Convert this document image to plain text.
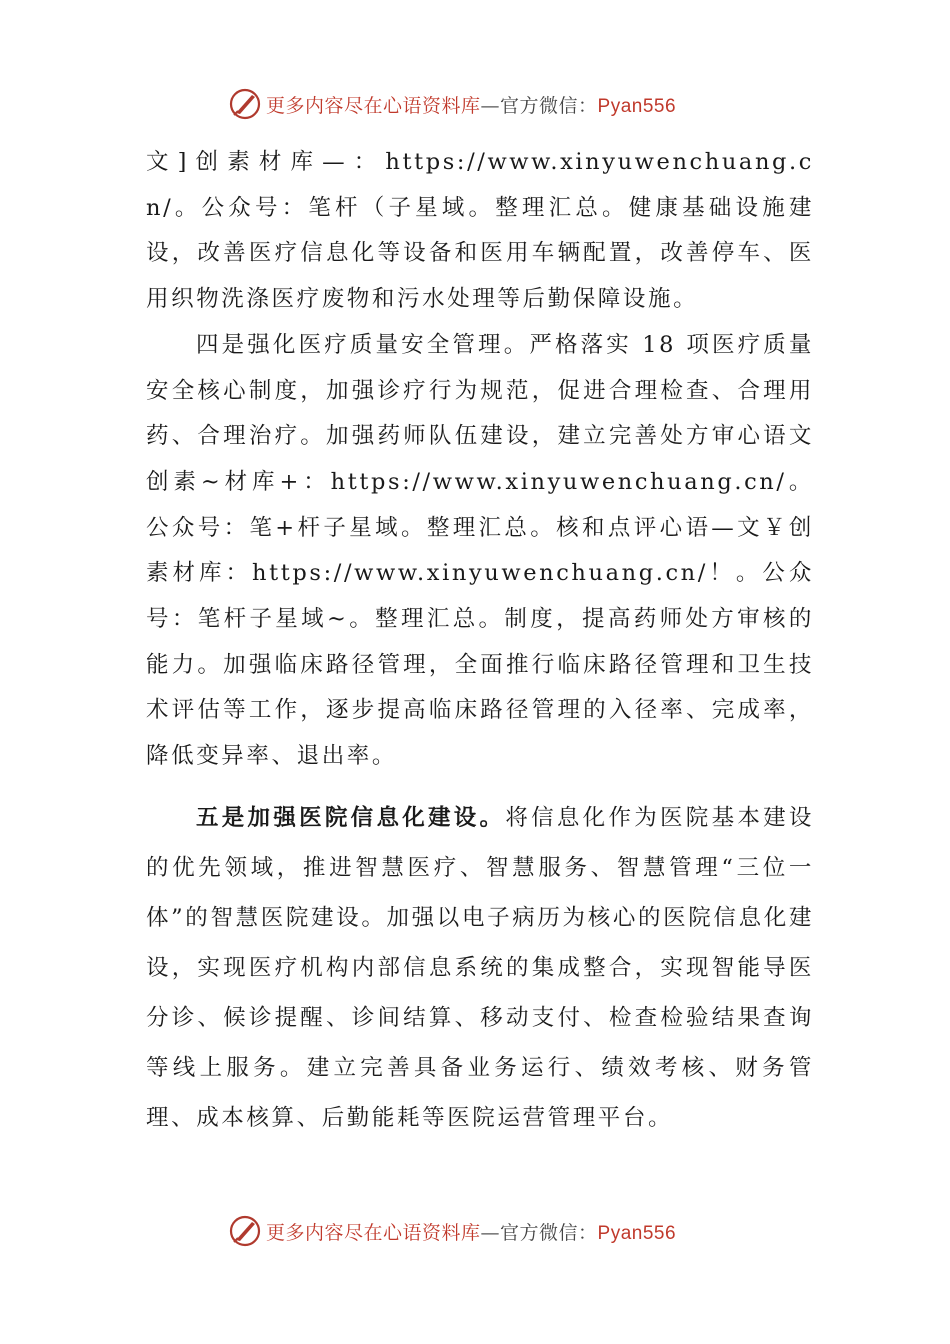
更多内容尽在心语资料库—官方微信：Pyan556

文]创素材库—：https://www.xinyuwenchuang.cn/。公众号：笔杆（子星域。整理汇总。健康基础设施建设，改善医疗信息化等设备和医用车辆配置，改善停车、医用织物洗涤医疗废物和污水处理等后勤保障设施。

四是强化医疗质量安全管理。严格落实 18 项医疗质量安全核心制度，加强诊疗行为规范，促进合理检查、合理用药、合理治疗。加强药师队伍建设，建立完善处方审心语文创素~材库+：https://www.xinyuwenchuang.cn/。公众号：笔+杆子星域。整理汇总。核和点评心语—文￥创素材库：https://www.xinyuwenchuang.cn/！。公众号：笔杆子星域~。整理汇总。制度，提高药师处方审核的能力。加强临床路径管理，全面推行临床路径管理和卫生技术评估等工作，逐步提高临床路径管理的入径率、完成率，降低变异率、退出率。

五是加强医院信息化建设。将信息化作为医院基本建设的优先领域，推进智慧医疗、智慧服务、智慧管理“三位一体”的智慧医院建设。加强以电子病历为核心的医院信息化建设，实现医疗机构内部信息系统的集成整合，实现智能导医分诊、候诊提醒、诊间结算、移动支付、检查检验结果查询等线上服务。建立完善具备业务运行、绩效考核、财务管理、成本核算、后勤能耗等医院运营管理平台。

更多内容尽在心语资料库—官方微信：Pyan556
